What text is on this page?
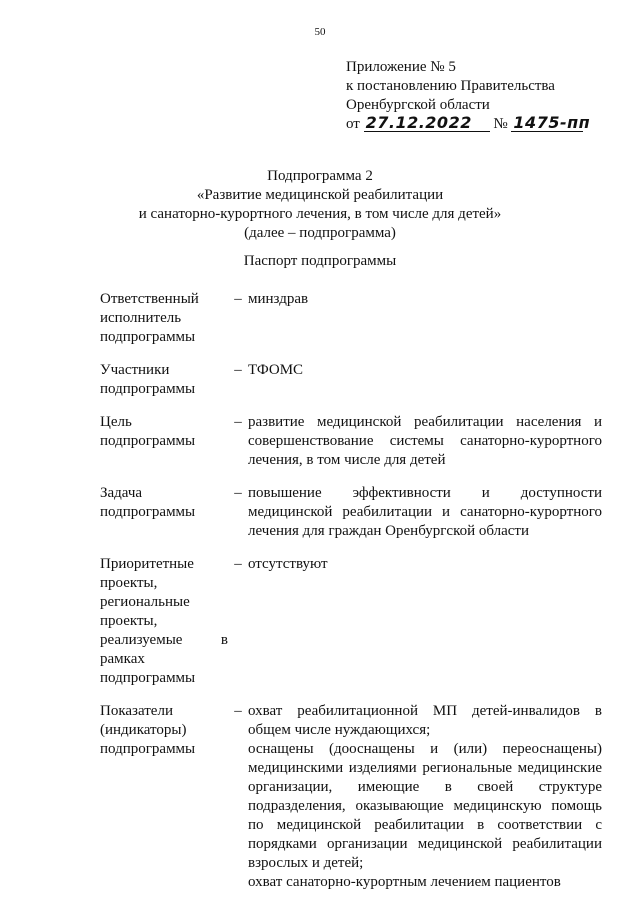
50
Приложение № 5
к постановлению Правительства
Оренбургской области
от 27.12.2022 № 1475-пп
Подпрограмма 2
«Развитие медицинской реабилитации
и санаторно-курортного лечения, в том числе для детей»
(далее – подпрограмма)
Паспорт подпрограммы
Ответственный исполнитель подпрограммы
– минздрав

Участники подпрограммы
– ТФОМС

Цель подпрограммы
– развитие медицинской реабилитации населения и совершенствование системы санаторно-курортного лечения, в том числе для детей

Задача подпрограммы
– повышение эффективности и доступности медицинской реабилитации и санаторно-курортного лечения для граждан Оренбургской области

Приоритетные проекты, региональные проекты, реализуемые в рамках подпрограммы
– отсутствуют

Показатели (индикаторы) подпрограммы
– охват реабилитационной МП детей-инвалидов в общем числе нуждающихся;

оснащены (дооснащены и (или) переоснащены) медицинскими изделиями региональные медицинские организации, имеющие в своей структуре подразделения, оказывающие медицинскую помощь по медицинской реабилитации в соответствии с порядками организации медицинской реабилитации взрослых и детей;

охват санаторно-курортным лечением пациентов
